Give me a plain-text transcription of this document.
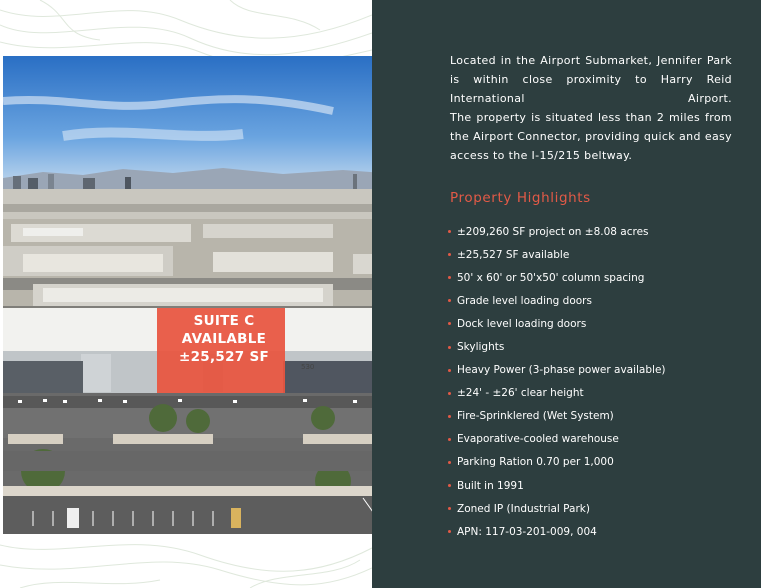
SUITE C
AVAILABLE
±25,527 SF
530

Located in the Airport Submarket, Jennifer Park is within close proximity to Harry Reid International Airport.

The property is situated less than 2 miles from the Airport Connector, providing quick and easy access to the I-15/215 beltway.

Property Highlights
±209,260 SF project on ±8.08 acres
±25,527 SF available
50' x 60' or 50'x50' column spacing
Grade level loading doors
Dock level loading doors
Skylights
Heavy Power (3-phase power available)
±24' - ±26' clear height
Fire-Sprinklered (Wet System)
Evaporative-cooled warehouse
Parking Ration 0.70 per 1,000
Built in 1991
Zoned IP (Industrial Park)
APN: 117-03-201-009, 004
